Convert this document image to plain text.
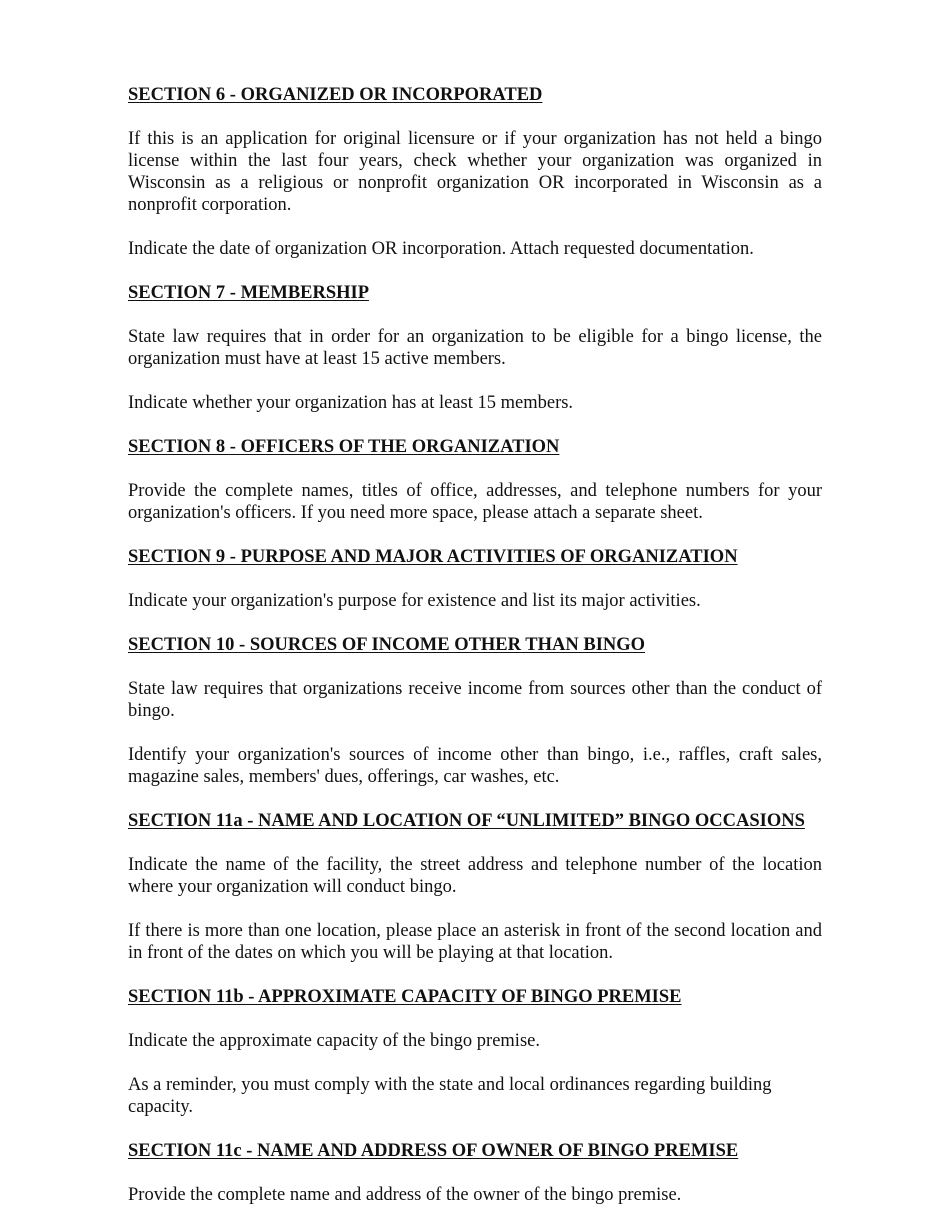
SECTION 6 - ORGANIZED OR INCORPORATED

If this is an application for original licensure or if your organization has not held a bingo license within the last four years, check whether your organization was organized in Wisconsin as a religious or nonprofit organization OR incorporated in Wisconsin as a nonprofit corporation.

Indicate the date of organization OR incorporation. Attach requested documentation.

SECTION 7 - MEMBERSHIP

State law requires that in order for an organization to be eligible for a bingo license, the organization must have at least 15 active members.

Indicate whether your organization has at least 15 members.

SECTION 8 - OFFICERS OF THE ORGANIZATION

Provide the complete names, titles of office, addresses, and telephone numbers for your organization's officers. If you need more space, please attach a separate sheet.

SECTION 9 - PURPOSE AND MAJOR ACTIVITIES OF ORGANIZATION

Indicate your organization's purpose for existence and list its major activities.

SECTION 10 - SOURCES OF INCOME OTHER THAN BINGO

State law requires that organizations receive income from sources other than the conduct of bingo.

Identify your organization's sources of income other than bingo, i.e., raffles, craft sales, magazine sales, members' dues, offerings, car washes, etc.

SECTION 11a - NAME AND LOCATION OF “UNLIMITED” BINGO OCCASIONS

Indicate the name of the facility, the street address and telephone number of the location where your organization will conduct bingo.

If there is more than one location, please place an asterisk in front of the second location and in front of the dates on which you will be playing at that location.

SECTION 11b - APPROXIMATE CAPACITY OF BINGO PREMISE

Indicate the approximate capacity of the bingo premise.

As a reminder, you must comply with the state and local ordinances regarding building capacity.

SECTION 11c - NAME AND ADDRESS OF OWNER OF BINGO PREMISE

Provide the complete name and address of the owner of the bingo premise.
